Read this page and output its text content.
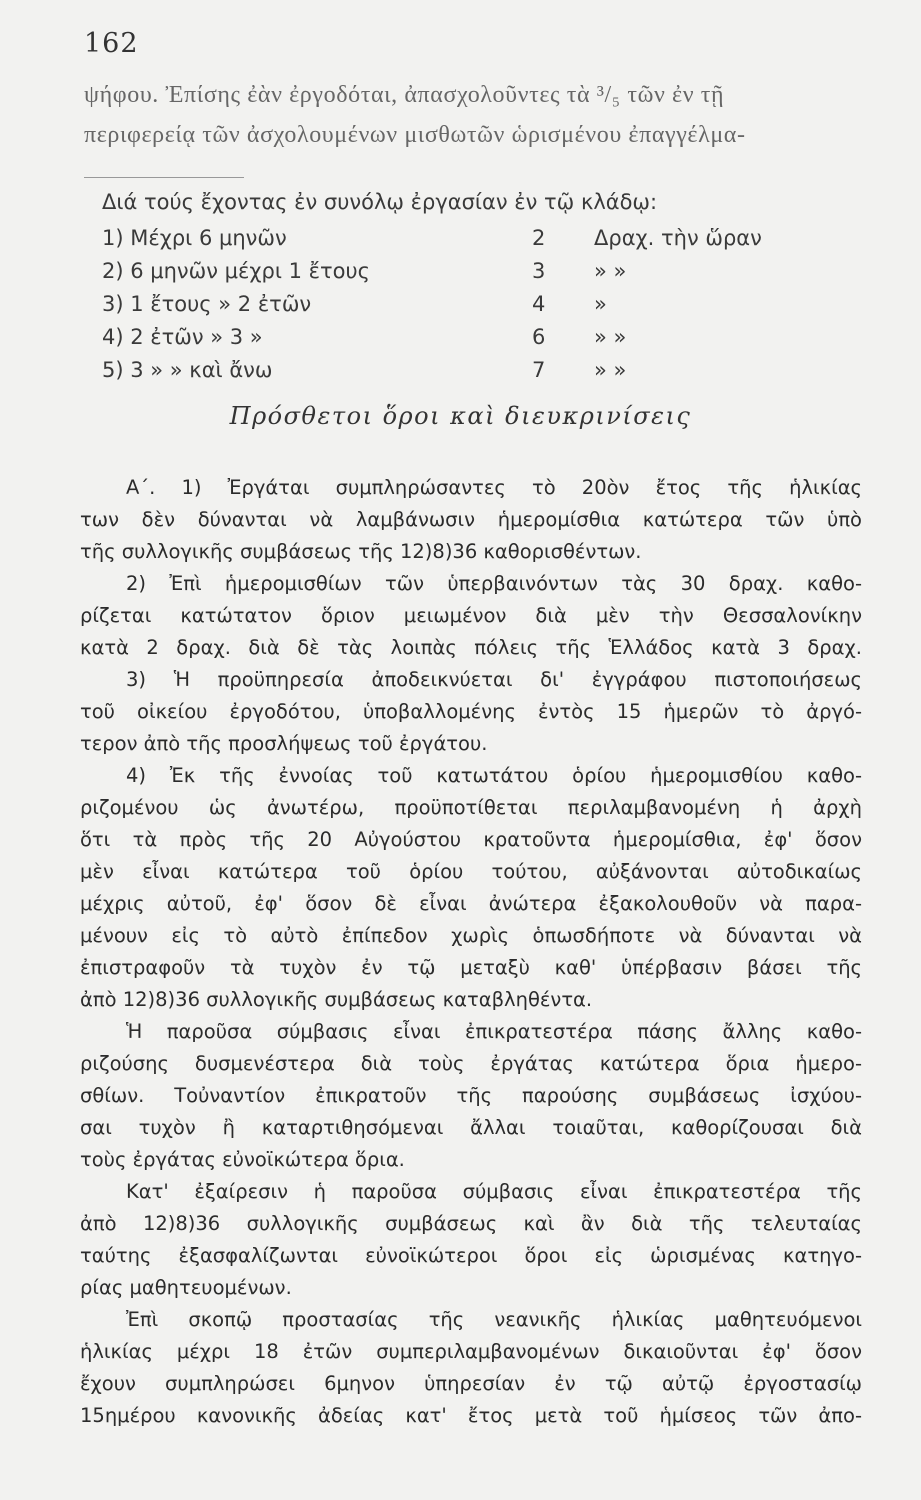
162
ψήφου. Ἐπίσης ἐὰν ἐργοδόται, ἀπασχολοῦντες τὰ ³/₅ τῶν ἐν τῇ
περιφερείᾳ τῶν ἀσχολουμένων μισθωτῶν ὡρισμένου ἐπαγγέλμα-
Διά τούς ἔχοντας ἐν συνόλῳ ἐργασίαν ἐν τῷ κλάδῳ:
1) Μέχρι 6 μηνῶν	2 Δραχ. τὴν ὥραν
2) 6 μηνῶν μέχρι 1 ἔτους	3 » »
3) 1 ἔτους » 2 ἐτῶν	4 »
4) 2 ἐτῶν » 3 »	6 » »
5) 3 » » καὶ ἄνω	7 » »
Πρόσθετοι ὅροι καὶ διευκρινίσεις
Α΄. 1) Ἐργάται συμπληρώσαντες τὸ 20ὸν ἔτος τῆς ἡλικίας
των δὲν δύνανται νὰ λαμβάνωσιν ἡμερομίσθια κατώτερα τῶν ὑπὸ
τῆς συλλογικῆς συμβάσεως τῆς 12)8)36 καθορισθέντων.
2) Ἐπὶ ἡμερομισθίων τῶν ὑπερβαινόντων τὰς 30 δραχ. καθο-
ρίζεται κατώτατον ὅριον μειωμένον διὰ μὲν τὴν Θεσσαλονίκην
κατὰ 2 δραχ. διὰ δὲ τὰς λοιπὰς πόλεις τῆς Ἑλλάδος κατὰ 3 δραχ.
3) Ἡ προϋπηρεσία ἀποδεικνύεται δι' ἐγγράφου πιστοποιήσεως
τοῦ οἰκείου ἐργοδότου, ὑποβαλλομένης ἐντὸς 15 ἡμερῶν τὸ ἀργό-
τερον ἀπὸ τῆς προσλήψεως τοῦ ἐργάτου.
4) Ἐκ τῆς ἐννοίας τοῦ κατωτάτου ὁρίου ἡμερομισθίου καθο-
ριζομένου ὡς ἀνωτέρω, προϋποτίθεται περιλαμβανομένη ἡ ἀρχὴ
ὅτι τὰ πρὸς τῆς 20 Αὐγούστου κρατοῦντα ἡμερομίσθια, ἐφ' ὅσον
μὲν εἶναι κατώτερα τοῦ ὁρίου τούτου, αὐξάνονται αὐτοδικαίως
μέχρις αὐτοῦ, ἐφ' ὅσον δὲ εἶναι ἀνώτερα ἐξακολουθοῦν νὰ παρα-
μένουν εἰς τὸ αὐτὸ ἐπίπεδον χωρὶς ὁπωσδήποτε νὰ δύνανται νὰ
ἐπιστραφοῦν τὰ τυχὸν ἐν τῷ μεταξὺ καθ' ὑπέρβασιν βάσει τῆς
ἀπὸ 12)8)36 συλλογικῆς συμβάσεως καταβληθέντα.
Ἡ παροῦσα σύμβασις εἶναι ἐπικρατεστέρα πάσης ἄλλης καθο-
ριζούσης δυσμενέστερα διὰ τοὺς ἐργάτας κατώτερα ὅρια ἡμερο-
σθίων. Τοὐναντίον ἐπικρατοῦν τῆς παρούσης συμβάσεως ἰσχύου-
σαι τυχὸν ἢ καταρτιθησόμεναι ἄλλαι τοιαῦται, καθορίζουσαι διὰ
τοὺς ἐργάτας εὐνοϊκώτερα ὅρια.
Κατ' ἐξαίρεσιν ἡ παροῦσα σύμβασις εἶναι ἐπικρατεστέρα τῆς
ἀπὸ 12)8)36 συλλογικῆς συμβάσεως καὶ ἂν διὰ τῆς τελευταίας
ταύτης ἐξασφαλίζωνται εὐνοϊκώτεροι ὅροι εἰς ὡρισμένας κατηγο-
ρίας μαθητευομένων.
Ἐπὶ σκοπῷ προστασίας τῆς νεανικῆς ἡλικίας μαθητευόμενοι
ἡλικίας μέχρι 18 ἐτῶν συμπεριλαμβανομένων δικαιοῦνται ἐφ' ὅσον
ἔχουν συμπληρώσει 6μηνον ὑπηρεσίαν ἐν τῷ αὐτῷ ἐργοστασίῳ
15ημέρου κανονικῆς ἀδείας κατ' ἔτος μετὰ τοῦ ἡμίσεος τῶν ἀπο-
